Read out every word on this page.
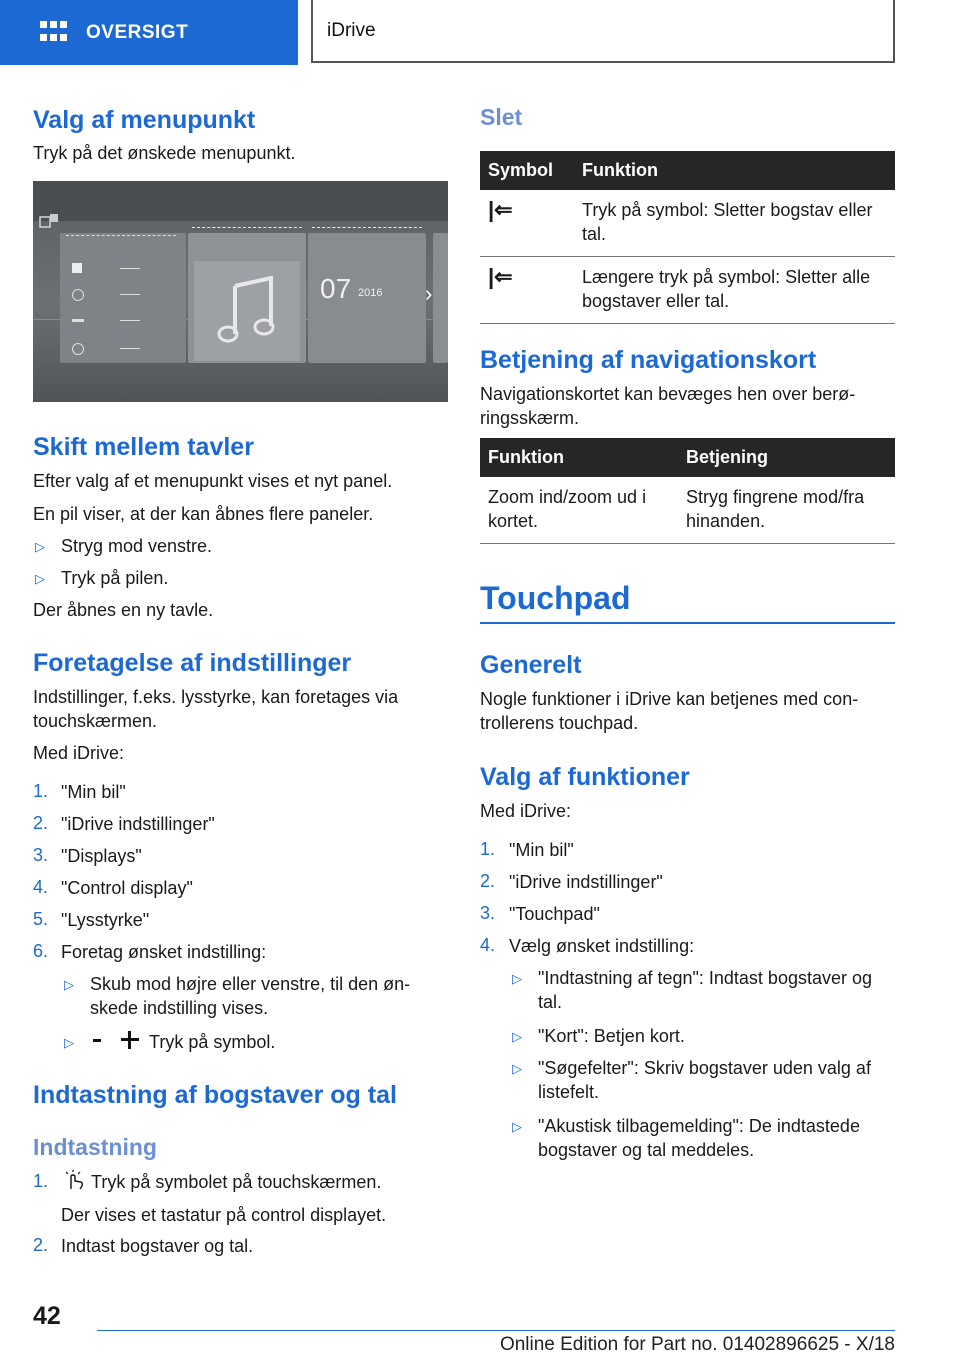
OVERSIGT	iDrive
Valg af menupunkt

Tryk på det ønskede menupunkt.

07 2016 ›
Skift mellem tavler

Efter valg af et menupunkt vises et nyt panel.

En pil viser, at der kan åbnes flere paneler.

▷ Stryg mod venstre.

▷ Tryk på pilen.

Der åbnes en ny tavle.

Foretagelse af indstillinger

Indstillinger, f.eks. lysstyrke, kan foretages via

touchskærmen.

Med iDrive:

1. "Min bil"

2. "iDrive indstillinger"

3. "Displays"

4. "Control display"

5. "Lysstyrke"

6. Foretag ønsket indstilling:

▷ Skub mod højre eller venstre, til den øn-

skede indstilling vises.

▷	Tryk på symbol.

Indtastning af bogstaver og tal
Indtastning
1. Tryk på symbolet på touchskærmen.

Der vises et tastatur på control displayet.

2. Indtast bogstaver og tal.

Slet
Symbol	Funktion
|⇐	Tryk på symbol: Sletter bogstav eller
tal.
|⇐	Længere tryk på symbol: Sletter alle
bogstaver eller tal.
Betjening af navigationskort

Navigationskortet kan bevæges hen over berø-

ringsskærm.

Funktion	Betjening
Zoom ind/zoom ud i
kortet.	Stryg fingrene mod/fra
hinanden.
Touchpad
Generelt

Nogle funktioner i iDrive kan betjenes med con-

trollerens touchpad.

Valg af funktioner

Med iDrive:

1. "Min bil"

2. "iDrive indstillinger"

3. "Touchpad"

4. Vælg ønsket indstilling:

▷ "Indtastning af tegn": Indtast bogstaver og

tal.

▷ "Kort": Betjen kort.

▷ "Søgefelter": Skriv bogstaver uden valg af

listefelt.

▷ "Akustisk tilbagemelding": De indtastede

bogstaver og tal meddeles.

42
Online Edition for Part no. 01402896625 - X/18
